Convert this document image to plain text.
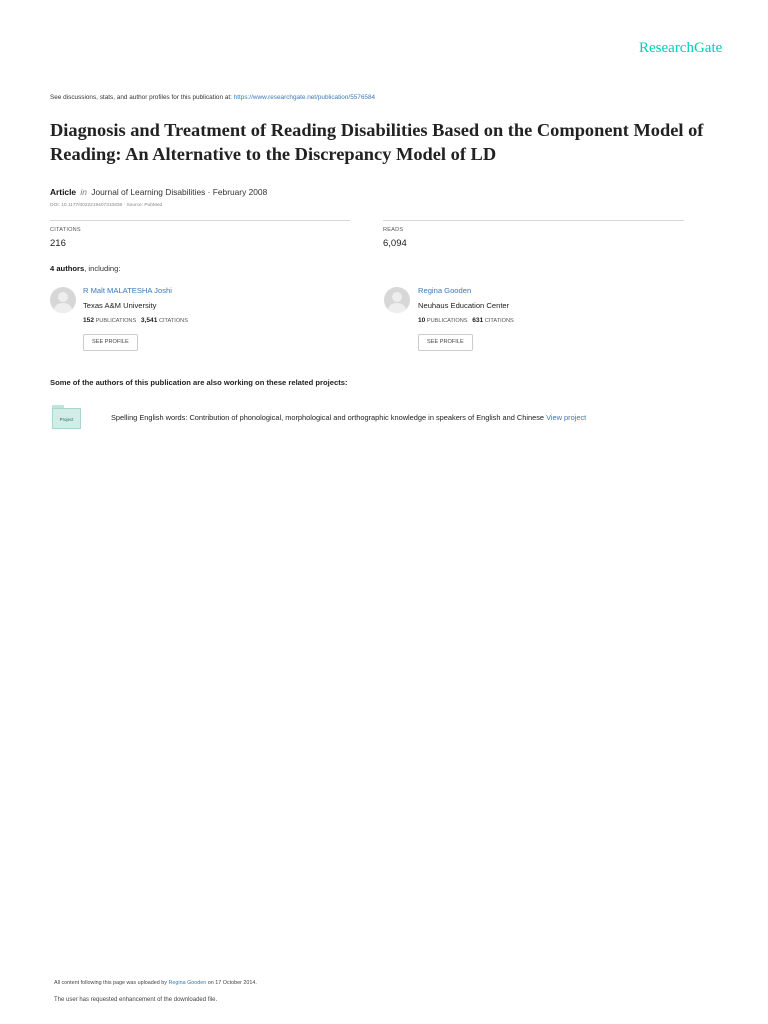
ResearchGate
See discussions, stats, and author profiles for this publication at: https://www.researchgate.net/publication/5576584
Diagnosis and Treatment of Reading Disabilities Based on the Component Model of Reading: An Alternative to the Discrepancy Model of LD
Article in Journal of Learning Disabilities · February 2008
DOI: 10.1177/0022219407310838 · Source: PubMed
CITATIONS
216
READS
6,094
4 authors, including:
R Malt MALATESHA Joshi
Texas A&M University
152 PUBLICATIONS 3,541 CITATIONS
SEE PROFILE
Regina Gooden
Neuhaus Education Center
10 PUBLICATIONS 631 CITATIONS
SEE PROFILE
Some of the authors of this publication are also working on these related projects:
Project	Spelling English words: Contribution of phonological, morphological and orthographic knowledge in speakers of English and Chinese View project
All content following this page was uploaded by Regina Gooden on 17 October 2014.
The user has requested enhancement of the downloaded file.
